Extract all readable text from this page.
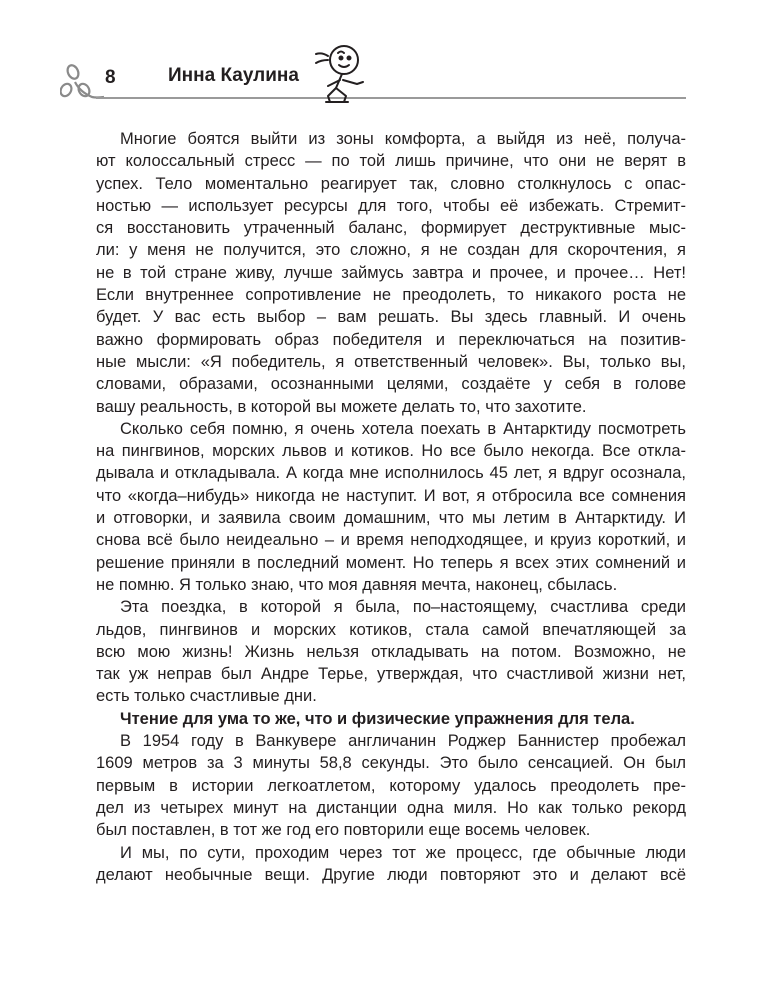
8	Инна Каулина

Многие боятся выйти из зоны комфорта, а выйдя из неё, получа-
ют колоссальный стресс — по той лишь причине, что они не верят в
успех. Тело моментально реагирует так, словно столкнулось с опас-
ностью — использует ресурсы для того, чтобы её избежать. Стремит-
ся восстановить утраченный баланс, формирует деструктивные мыс-
ли: у меня не получится, это сложно, я не создан для скорочтения, я
не в той стране живу, лучше займусь завтра и прочее, и прочее… Нет!
Если внутреннее сопротивление не преодолеть, то никакого роста не
будет. У вас есть выбор – вам решать. Вы здесь главный. И очень
важно формировать образ победителя и переключаться на позитив-
ные мысли: «Я победитель, я ответственный человек». Вы, только вы,
словами, образами, осознанными целями, создаёте у себя в голове
вашу реальность, в которой вы можете делать то, что захотите.

Сколько себя помню, я очень хотела поехать в Антарктиду посмотреть
на пингвинов, морских львов и котиков. Но все было некогда. Все откла-
дывала и откладывала. А когда мне исполнилось 45 лет, я вдруг осознала,
что «когда–нибудь» никогда не наступит. И вот, я отбросила все сомнения
и отговорки, и заявила своим домашним, что мы летим в Антарктиду. И
снова всё было неидеально – и время неподходящее, и круиз короткий, и
решение приняли в последний момент. Но теперь я всех этих сомнений и
не помню. Я только знаю, что моя давняя мечта, наконец, сбылась.

Эта поездка, в которой я была, по–настоящему, счастлива среди
льдов, пингвинов и морских котиков, стала самой впечатляющей за
всю мою жизнь! Жизнь нельзя откладывать на потом. Возможно, не
так уж неправ был Андре Терье, утверждая, что счастливой жизни нет,
есть только счастливые дни.

Чтение для ума то же, что и физические упражнения для тела.

В 1954 году в Ванкувере англичанин Роджер Баннистер пробежал
1609 метров за 3 минуты 58,8 секунды. Это было сенсацией. Он был
первым в истории легкоатлетом, которому удалось преодолеть пре-
дел из четырех минут на дистанции одна миля. Но как только рекорд
был поставлен, в тот же год его повторили еще восемь человек.

И мы, по сути, проходим через тот же процесс, где обычные люди
делают необычные вещи. Другие люди повторяют это и делают всё
